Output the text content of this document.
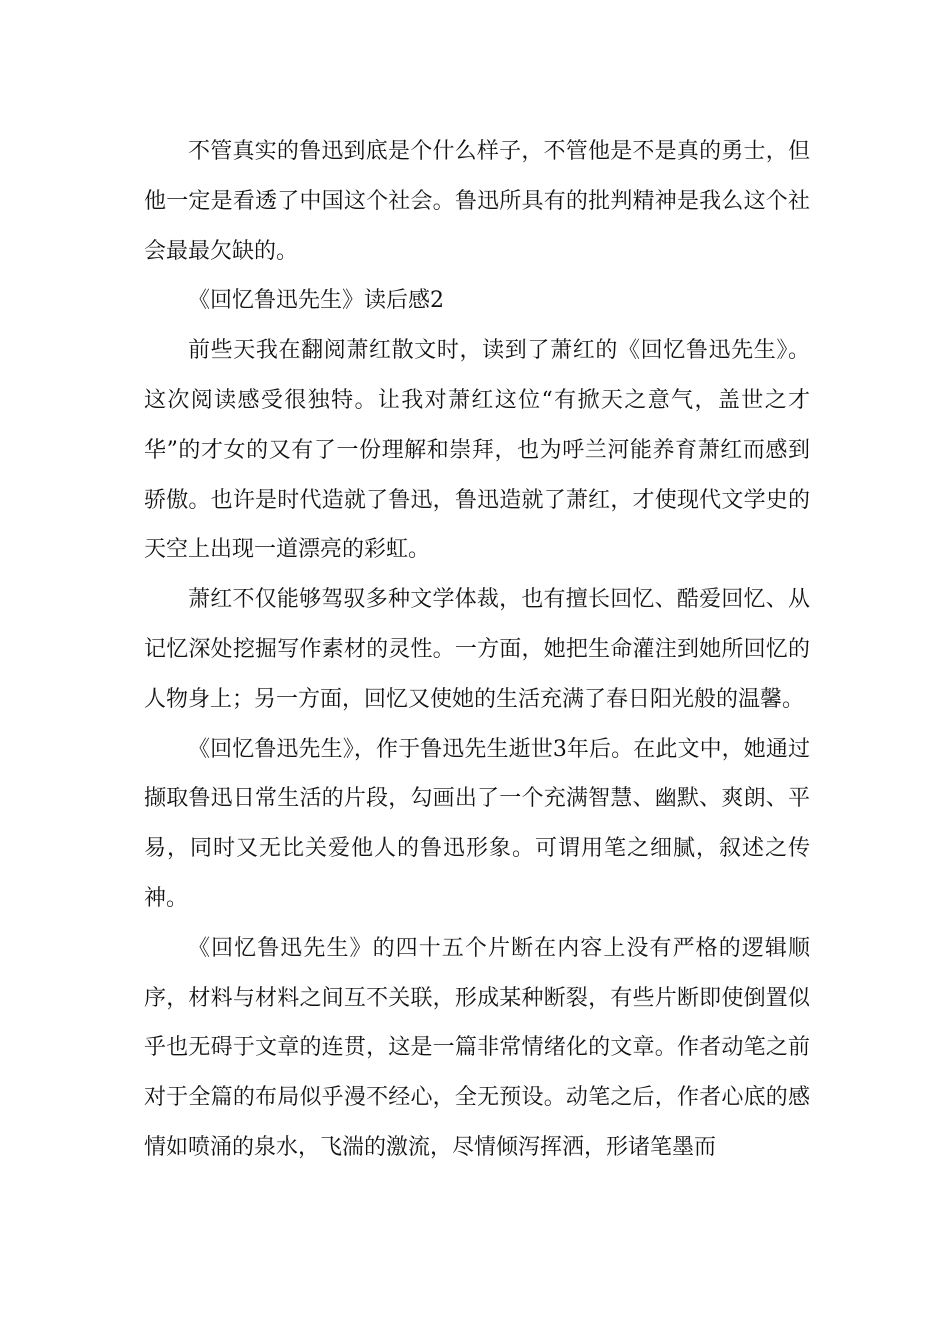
不管真实的鲁迅到底是个什么样子，不管他是不是真的勇士，但他一定是看透了中国这个社会。鲁迅所具有的批判精神是我么这个社会最最欠缺的。

《回忆鲁迅先生》读后感2

前些天我在翻阅萧红散文时，读到了萧红的《回忆鲁迅先生》。这次阅读感受很独特。让我对萧红这位“有掀天之意气，盖世之才华”的才女的又有了一份理解和崇拜，也为呼兰河能养育萧红而感到骄傲。也许是时代造就了鲁迅，鲁迅造就了萧红，才使现代文学史的天空上出现一道漂亮的彩虹。

萧红不仅能够驾驭多种文学体裁，也有擅长回忆、酷爱回忆、从记忆深处挖掘写作素材的灵性。一方面，她把生命灌注到她所回忆的人物身上；另一方面，回忆又使她的生活充满了春日阳光般的温馨。

《回忆鲁迅先生》，作于鲁迅先生逝世3年后。在此文中，她通过撷取鲁迅日常生活的片段，勾画出了一个充满智慧、幽默、爽朗、平易，同时又无比关爱他人的鲁迅形象。可谓用笔之细腻，叙述之传神。

《回忆鲁迅先生》的四十五个片断在内容上没有严格的逻辑顺序，材料与材料之间互不关联，形成某种断裂，有些片断即使倒置似乎也无碍于文章的连贯，这是一篇非常情绪化的文章。作者动笔之前对于全篇的布局似乎漫不经心，全无预设。动笔之后，作者心底的感情如喷涌的泉水，飞湍的激流，尽情倾泻挥洒，形诸笔墨而
